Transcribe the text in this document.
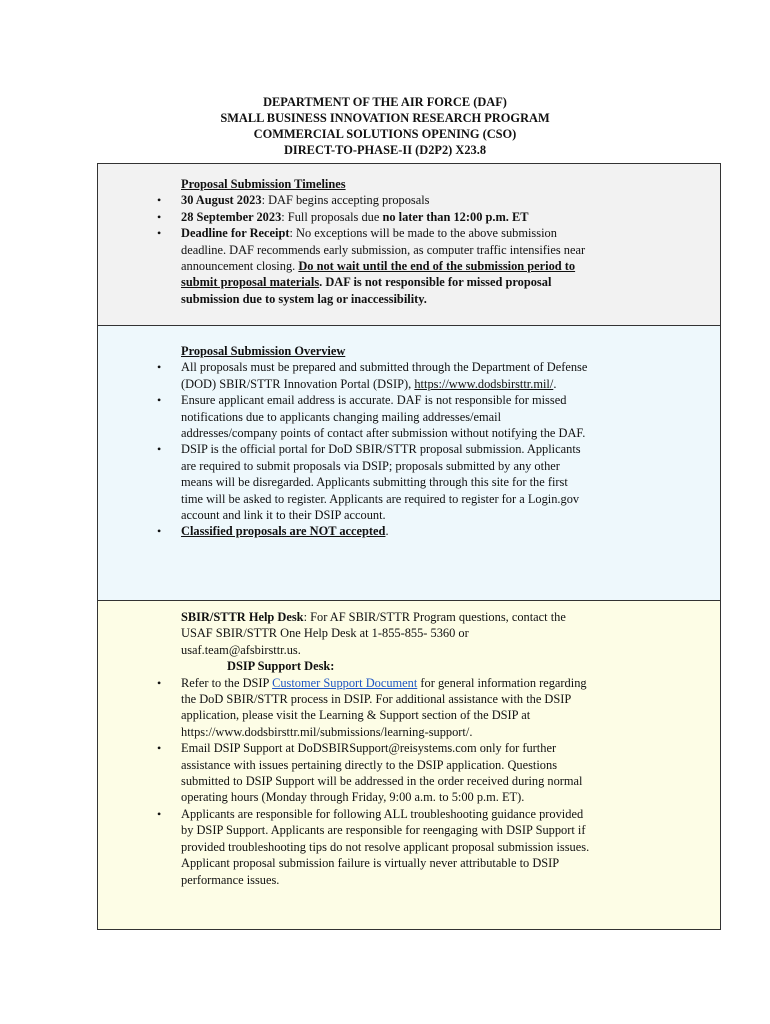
DEPARTMENT OF THE AIR FORCE (DAF)
SMALL BUSINESS INNOVATION RESEARCH PROGRAM
COMMERCIAL SOLUTIONS OPENING (CSO)
DIRECT-TO-PHASE-II (D2P2) X23.8
Proposal Submission Timelines
• 30 August 2023: DAF begins accepting proposals
• 28 September 2023: Full proposals due no later than 12:00 p.m. ET
• Deadline for Receipt: No exceptions will be made to the above submission deadline. DAF recommends early submission, as computer traffic intensifies near announcement closing. Do not wait until the end of the submission period to submit proposal materials. DAF is not responsible for missed proposal submission due to system lag or inaccessibility.
Proposal Submission Overview
• All proposals must be prepared and submitted through the Department of Defense (DOD) SBIR/STTR Innovation Portal (DSIP), https://www.dodsbirsttr.mil/.
• Ensure applicant email address is accurate. DAF is not responsible for missed notifications due to applicants changing mailing addresses/email addresses/company points of contact after submission without notifying the DAF.
• DSIP is the official portal for DoD SBIR/STTR proposal submission. Applicants are required to submit proposals via DSIP; proposals submitted by any other means will be disregarded. Applicants submitting through this site for the first time will be asked to register. Applicants are required to register for a Login.gov account and link it to their DSIP account.
• Classified proposals are NOT accepted.
SBIR/STTR Help Desk: For AF SBIR/STTR Program questions, contact the USAF SBIR/STTR One Help Desk at 1-855-855- 5360 or usaf.team@afsbirsttr.us.
DSIP Support Desk:
• Refer to the DSIP Customer Support Document for general information regarding the DoD SBIR/STTR process in DSIP. For additional assistance with the DSIP application, please visit the Learning & Support section of the DSIP at https://www.dodsbirsttr.mil/submissions/learning-support/.
• Email DSIP Support at DoDSBIRSupport@reisystems.com only for further assistance with issues pertaining directly to the DSIP application. Questions submitted to DSIP Support will be addressed in the order received during normal operating hours (Monday through Friday, 9:00 a.m. to 5:00 p.m. ET).
• Applicants are responsible for following ALL troubleshooting guidance provided by DSIP Support. Applicants are responsible for reengaging with DSIP Support if provided troubleshooting tips do not resolve applicant proposal submission issues. Applicant proposal submission failure is virtually never attributable to DSIP performance issues.
